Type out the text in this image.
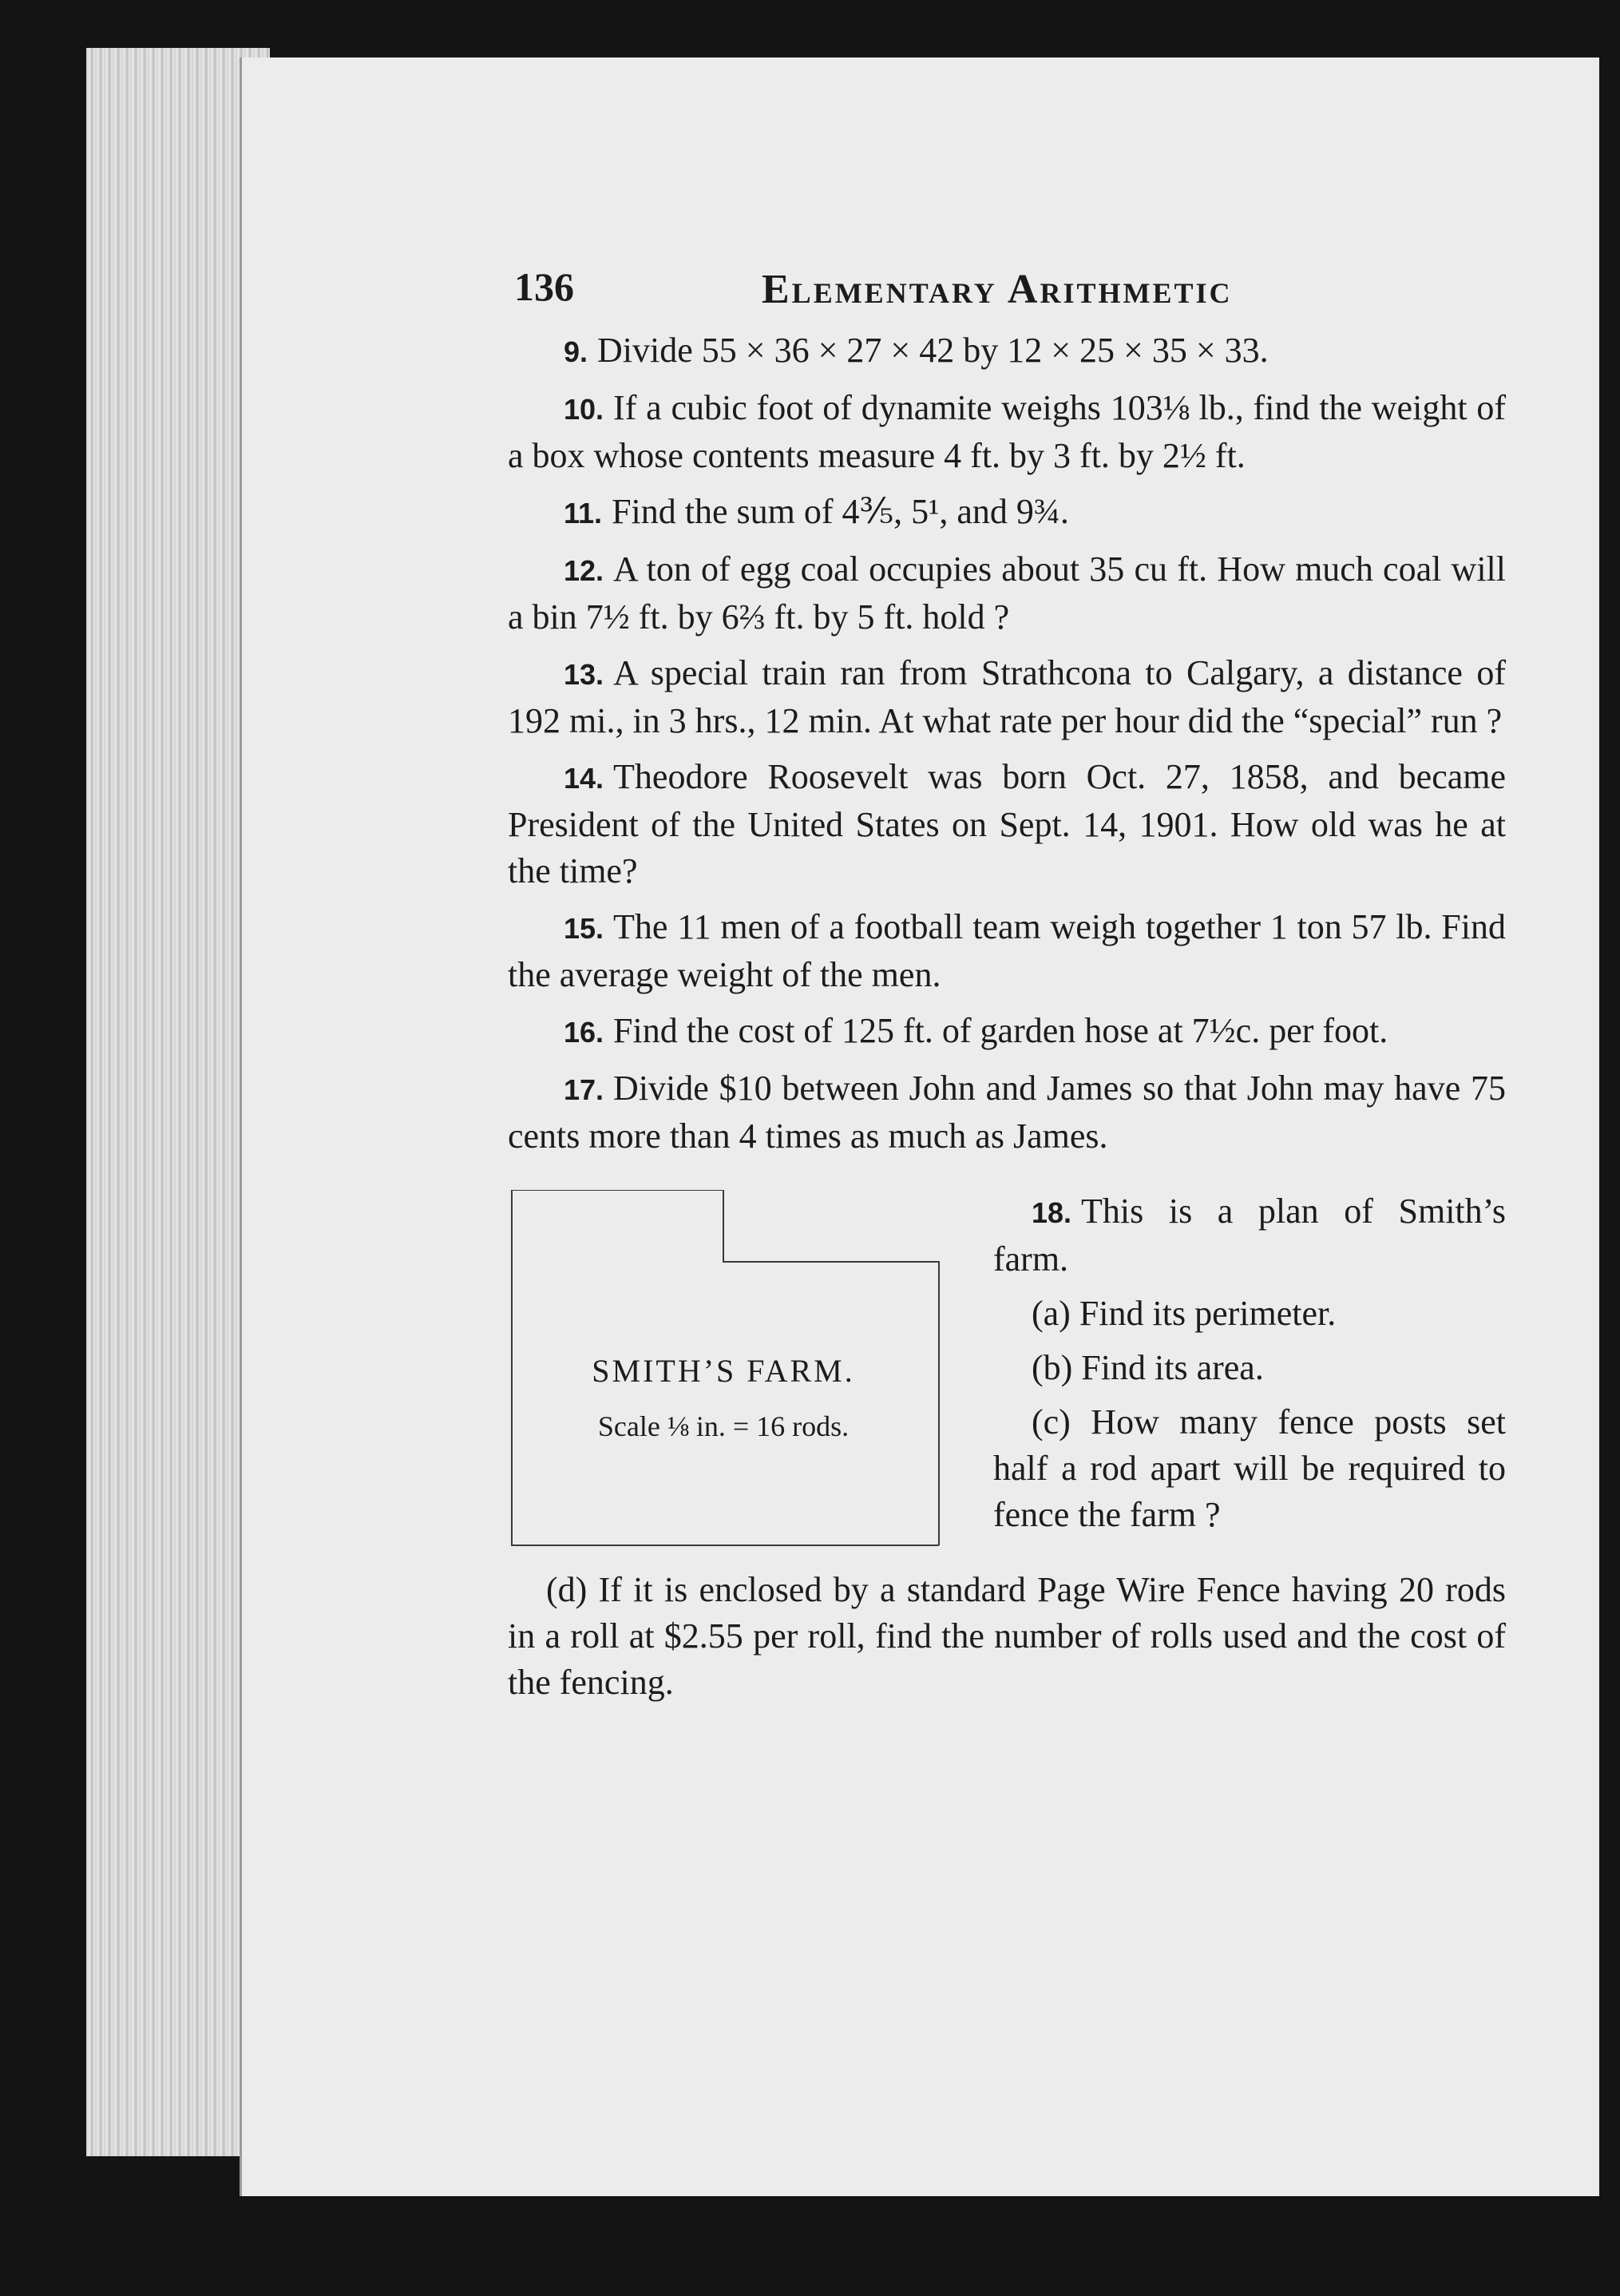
136	Elementary Arithmetic

9. Divide 55 × 36 × 27 × 42 by 12 × 25 × 35 × 33.

10. If a cubic foot of dynamite weighs 103⅛ lb., find the weight of a box whose contents measure 4 ft. by 3 ft. by 2½ ft.

11. Find the sum of 4⅗, 5¹, and 9¾.

12. A ton of egg coal occupies about 35 cu ft. How much coal will a bin 7½ ft. by 6⅔ ft. by 5 ft. hold ?

13. A special train ran from Strathcona to Calgary, a distance of 192 mi., in 3 hrs., 12 min. At what rate per hour did the “special” run ?

14. Theodore Roosevelt was born Oct. 27, 1858, and became President of the United States on Sept. 14, 1901. How old was he at the time?

15. The 11 men of a football team weigh together 1 ton 57 lb. Find the average weight of the men.

16. Find the cost of 125 ft. of garden hose at 7½c. per foot.

17. Divide $10 between John and James so that John may have 75 cents more than 4 times as much as James.

SMITH’S FARM.
Scale ⅛ in. = 16 rods.

18. This is a plan of Smith’s farm.

(a) Find its perimeter.

(b) Find its area.

(c) How many fence posts set half a rod apart will be required to fence the farm ?

(d) If it is enclosed by a standard Page Wire Fence having 20 rods in a roll at $2.55 per roll, find the number of rolls used and the cost of the fencing.
